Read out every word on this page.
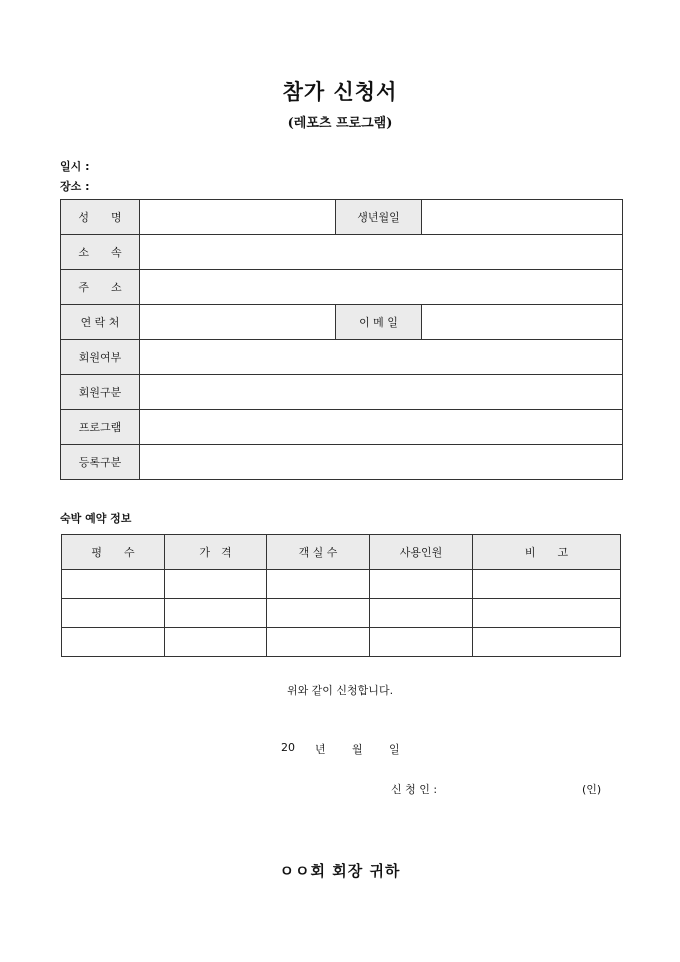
참가 신청서
(레포츠 프로그램)
일시 :
장소 :
성　　명		생년월일	
소　　속			
주　　소			
연 락 처		이 메 일	
회원여부			
회원구분			
프로그램			
등록구분			
숙박 예약 정보
평　　수	가　격	객 실 수	사용인원	비　　고

위와 같이 신청합니다.
20 년 월 일
신 청 인 :	(인)
ㅇㅇ회 회장 귀하
